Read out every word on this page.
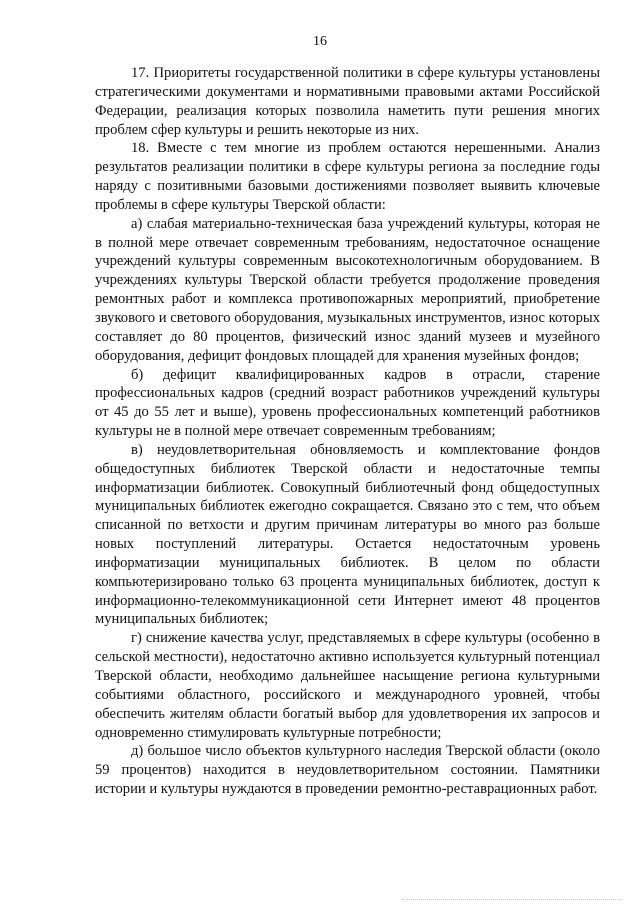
16

17. Приоритеты государственной политики в сфере культуры установлены стратегическими документами и нормативными правовыми актами Российской Федерации, реализация которых позволила наметить пути решения многих проблем сфер культуры и решить некоторые из них.

18. Вместе с тем многие из проблем остаются нерешенными. Анализ результатов реализации политики в сфере культуры региона за последние годы наряду с позитивными базовыми достижениями позволяет выявить ключевые проблемы в сфере культуры Тверской области:

а) слабая материально-техническая база учреждений культуры, которая не в полной мере отвечает современным требованиям, недостаточное оснащение учреждений культуры современным высокотехнологичным оборудованием. В учреждениях культуры Тверской области требуется продолжение проведения ремонтных работ и комплекса противопожарных мероприятий, приобретение звукового и светового оборудования, музыкальных инструментов, износ которых составляет до 80 процентов, физический износ зданий музеев и музейного оборудования, дефицит фондовых площадей для хранения музейных фондов;

б) дефицит квалифицированных кадров в отрасли, старение профессиональных кадров (средний возраст работников учреждений культуры от 45 до 55 лет и выше), уровень профессиональных компетенций работников культуры не в полной мере отвечает современным требованиям;

в) неудовлетворительная обновляемость и комплектование фондов общедоступных библиотек Тверской области и недостаточные темпы информатизации библиотек. Совокупный библиотечный фонд общедоступных муниципальных библиотек ежегодно сокращается. Связано это с тем, что объем списанной по ветхости и другим причинам литературы во много раз больше новых поступлений литературы. Остается недостаточным уровень информатизации муниципальных библиотек. В целом по области компьютеризировано только 63 процента муниципальных библиотек, доступ к информационно-телекоммуникационной сети Интернет имеют 48 процентов муниципальных библиотек;

г) снижение качества услуг, представляемых в сфере культуры (особенно в сельской местности), недостаточно активно используется культурный потенциал Тверской области, необходимо дальнейшее насыщение региона культурными событиями областного, российского и международного уровней, чтобы обеспечить жителям области богатый выбор для удовлетворения их запросов и одновременно стимулировать культурные потребности;

д) большое число объектов культурного наследия Тверской области (около 59 процентов) находится в неудовлетворительном состоянии. Памятники истории и культуры нуждаются в проведении ремонтно-реставрационных работ.
